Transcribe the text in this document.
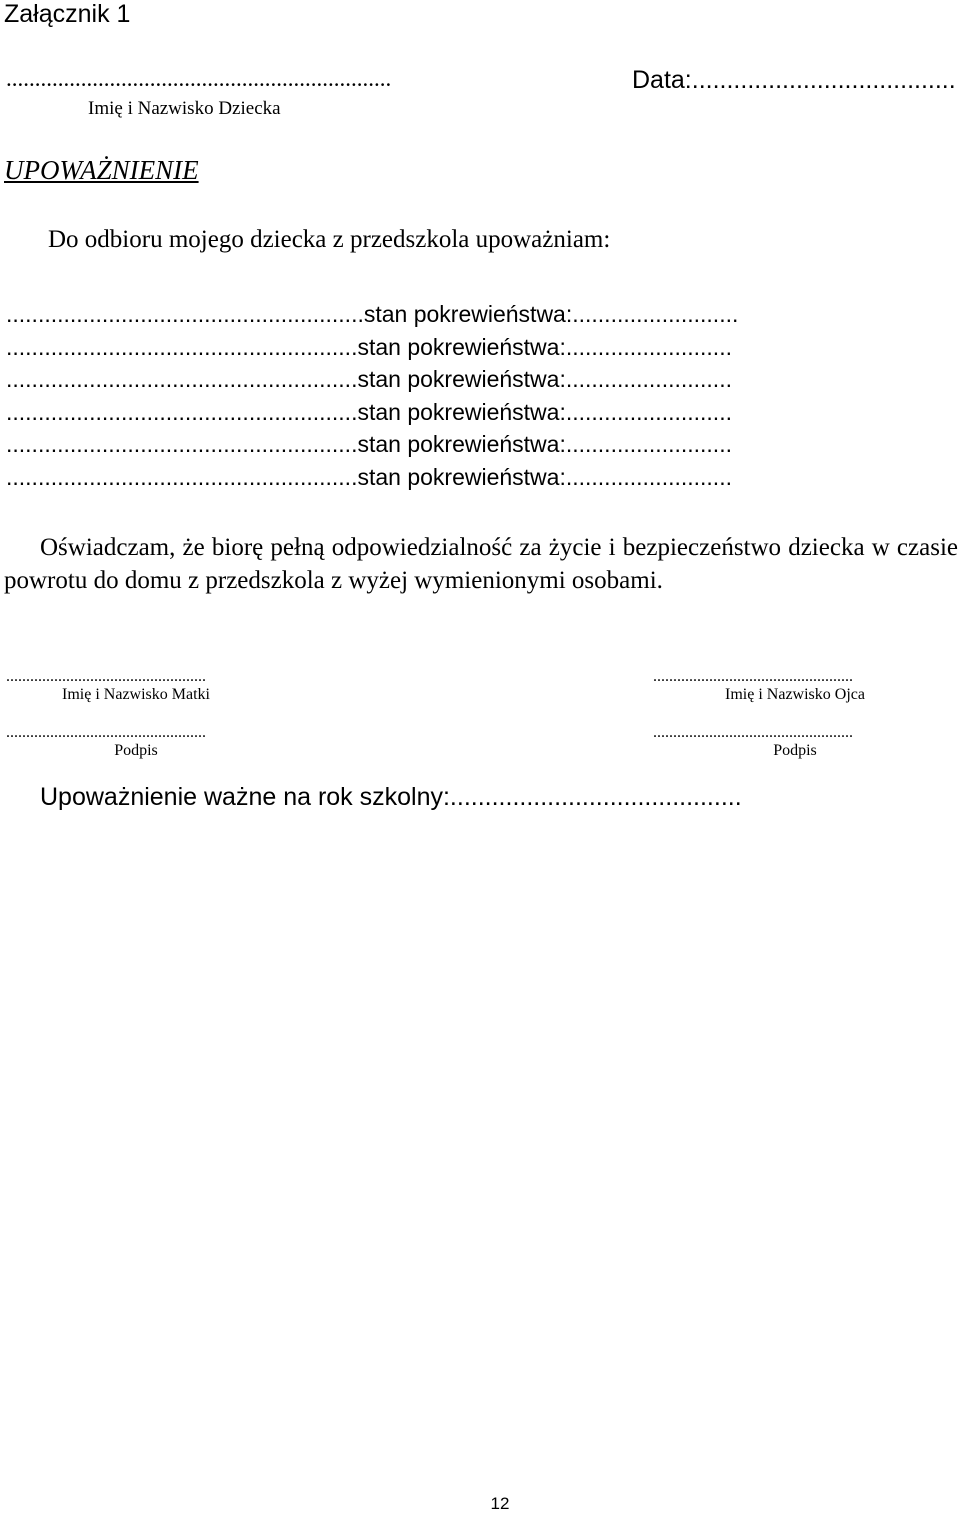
Załącznik 1
...................................................................	Data:......................................
Imię i Nazwisko Dziecka
UPOWAŻNIENIE
Do odbioru mojego dziecka z przedszkola upoważniam:
........................................................stan pokrewieństwa:..........................
.......................................................stan pokrewieństwa:..........................
.......................................................stan pokrewieństwa:..........................
.......................................................stan pokrewieństwa:..........................
.......................................................stan pokrewieństwa:..........................
.......................................................stan pokrewieństwa:..........................
Oświadczam, że biorę pełną odpowiedzialność za życie i bezpieczeństwo dziecka w czasie powrotu do domu z przedszkola z wyżej wymienionymi osobami.
..................................................
Imię i Nazwisko Matki
..................................................
Imię i Nazwisko Ojca
..................................................
Podpis
..................................................
Podpis
Upoważnienie ważne na rok szkolny:..........................................
12
